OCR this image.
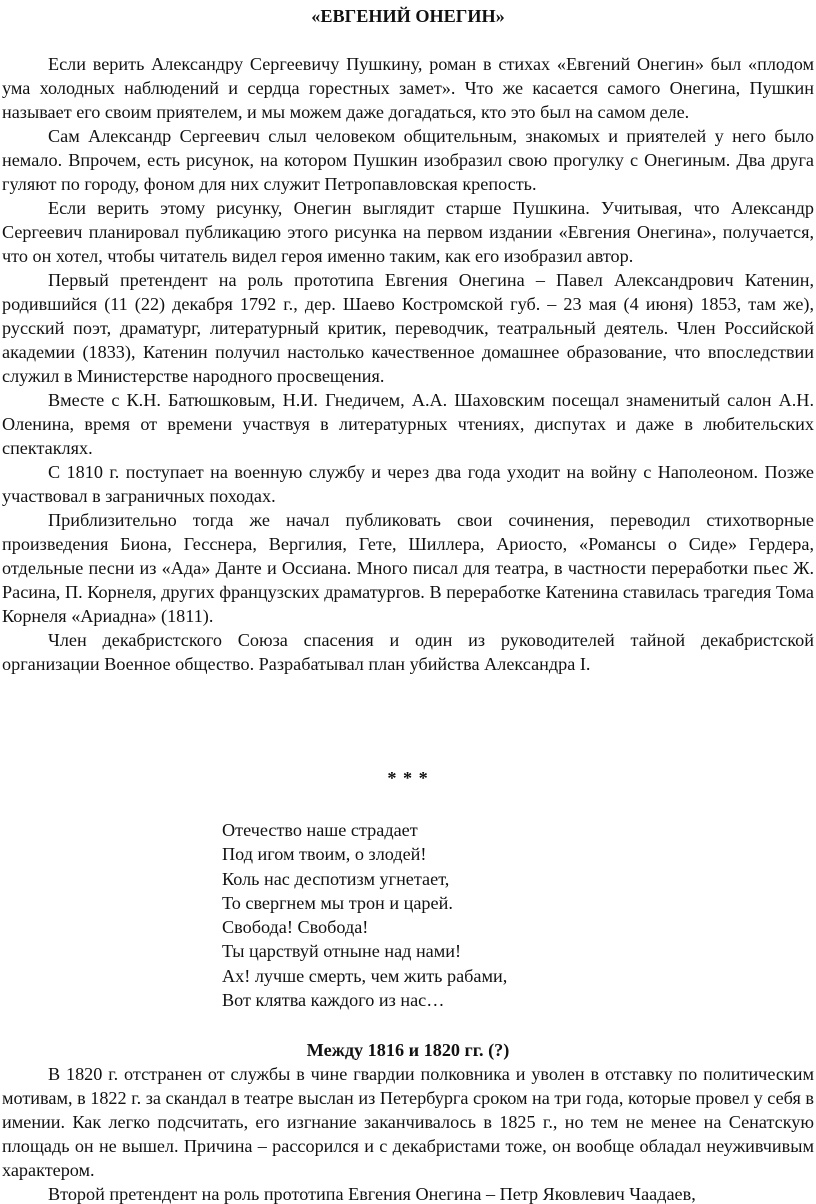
«ЕВГЕНИЙ ОНЕГИН»

Если верить Александру Сергеевичу Пушкину, роман в стихах «Евгений Онегин» был «плодом ума холодных наблюдений и сердца горестных замет». Что же касается самого Онегина, Пушкин называет его своим приятелем, и мы можем даже догадаться, кто это был на самом деле.

Сам Александр Сергеевич слыл человеком общительным, знакомых и приятелей у него было немало. Впрочем, есть рисунок, на котором Пушкин изобразил свою прогулку с Онегиным. Два друга гуляют по городу, фоном для них служит Петропавловская крепость.

Если верить этому рисунку, Онегин выглядит старше Пушкина. Учитывая, что Александр Сергеевич планировал публикацию этого рисунка на первом издании «Евгения Онегина», получается, что он хотел, чтобы читатель видел героя именно таким, как его изобразил автор.

Первый претендент на роль прототипа Евгения Онегина – Павел Александрович Катенин, родившийся (11 (22) декабря 1792 г., дер. Шаево Костромской губ. – 23 мая (4 июня) 1853, там же), русский поэт, драматург, литературный критик, переводчик, театральный деятель. Член Российской академии (1833), Катенин получил настолько качественное домашнее образование, что впоследствии служил в Министерстве народного просвещения.

Вместе с К.Н. Батюшковым, Н.И. Гнедичем, А.А. Шаховским посещал знаменитый салон А.Н. Оленина, время от времени участвуя в литературных чтениях, диспутах и даже в любительских спектаклях.

С 1810 г. поступает на военную службу и через два года уходит на войну с Наполеоном. Позже участвовал в заграничных походах.

Приблизительно тогда же начал публиковать свои сочинения, переводил стихотворные произведения Биона, Гесснера, Вергилия, Гете, Шиллера, Ариосто, «Романсы о Сиде» Гердера, отдельные песни из «Ада» Данте и Оссиана. Много писал для театра, в частности переработки пьес Ж. Расина, П. Корнеля, других французских драматургов. В переработке Катенина ставилась трагедия Тома Корнеля «Ариадна» (1811).

Член декабристского Союза спасения и один из руководителей тайной декабристской организации Военное общество. Разрабатывал план убийства Александра I.

* * *

Отечество наше страдает
Под игом твоим, о злодей!
Коль нас деспотизм угнетает,
То свергнем мы трон и царей.
Свобода! Свобода!
Ты царствуй отныне над нами!
Ах! лучше смерть, чем жить рабами,
Вот клятва каждого из нас…

Между 1816 и 1820 гг. (?)

В 1820 г. отстранен от службы в чине гвардии полковника и уволен в отставку по политическим мотивам, в 1822 г. за скандал в театре выслан из Петербурга сроком на три года, которые провел у себя в имении. Как легко подсчитать, его изгнание заканчивалось в 1825 г., но тем не менее на Сенатскую площадь он не вышел. Причина – рассорился и с декабристами тоже, он вообще обладал неуживчивым характером.

Второй претендент на роль прототипа Евгения Онегина – Петр Яковлевич Чаадаев,
